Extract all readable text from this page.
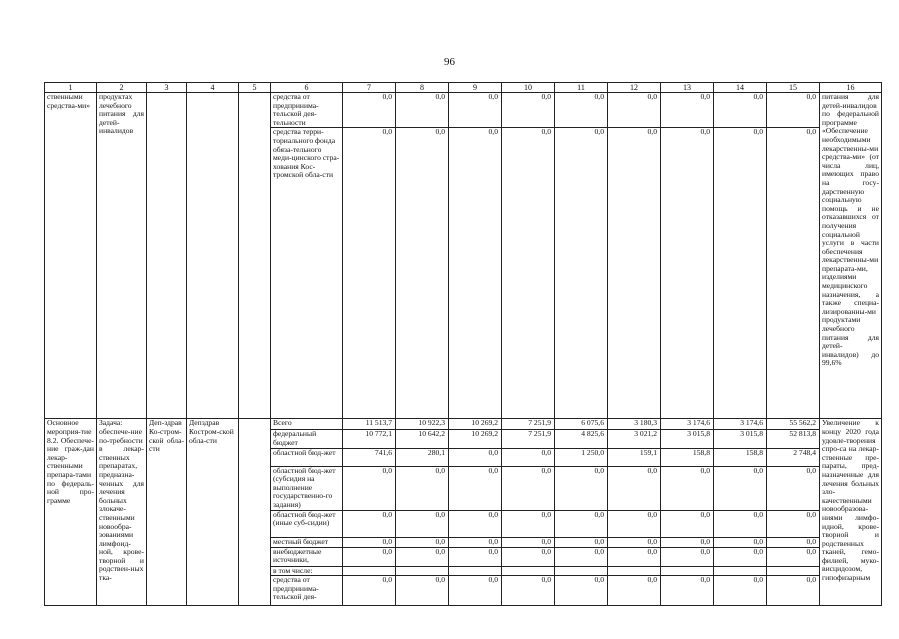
96
1	2	3	4	5	6	7	8	9	10	11	12	13	14	15	16
ственными средства-ми»	продуктах лечебного питания для детей-инвалидов				средства от предпринима-тельской дея-тельности	0,0	0,0	0,0	0,0	0,0	0,0	0,0	0,0	0,0	питания для детей-инвалидов по федеральной программе «Обеспечение необходимыми лекарственны-ми средства-ми» (от числа лиц, имеющих право на госу-дарственную социальную помощь и не отказавшихся от получения социальной услуги в части обеспечения лекарственны-ми препарата-ми, изделиями медицинского назначения, а также специа-лизированны-ми продуктами лечебного питания для детей-инвалидов) до 99,6%
					средства терри-ториального фонда обяза-тельного меди-цинского стра-хования Кос-тромской обла-сти	0,0	0,0	0,0	0,0	0,0	0,0	0,0	0,0	0,0	
Основное мероприя-тие 8.2. Обеспече-ние граж-дан лекар-ственными препара-тами по федераль-ной про-грамме	Задача: обеспече-ние по-требности в лекар-ственных препаратах, предназна-ченных для лечения больных злокаче-ственными новообра-зованиями лимфоид-ной, крове-творной и родствен-ных тка-	Деп-здрав Ко-стром-ской обла-сти	Депздрав Костром-ской обла-сти		Всего	11 513,7	10 922,3	10 269,2	7 251,9	6 075,6	3 180,3	3 174,6	3 174,6	55 562,2	Увеличение к концу 2020 года удовле-творения спро-са на лекар-ственные пре-параты, пред-назначенные для лечения больных зло-качественными новообразова-ниями лимфо-идной, крове-творной и родственных тканей, гемо-филией, муко-висцидозом, гипофизарным
					федеральный бюджет	10 772,1	10 642,2	10 269,2	7 251,9	4 825,6	3 021,2	3 015,8	3 015,8	52 813,8	
					областной бюд-жет	741,6	280,1	0,0	0,0	1 250,0	159,1	158,8	158,8	2 748,4	
					областной бюд-жет (субсидия на выполнение государственно-го задания)	0,0	0,0	0,0	0,0	0,0	0,0	0,0	0,0	0,0	
					областной бюд-жет (иные суб-сидии)	0,0	0,0	0,0	0,0	0,0	0,0	0,0	0,0	0,0	
					местный бюджет	0,0	0,0	0,0	0,0	0,0	0,0	0,0	0,0	0,0	
					внебюджетные источники,	0,0	0,0	0,0	0,0	0,0	0,0	0,0	0,0	0,0	
					в том числе:										
					средства от предпринима-тельской дея-	0,0	0,0	0,0	0,0	0,0	0,0	0,0	0,0	0,0	
